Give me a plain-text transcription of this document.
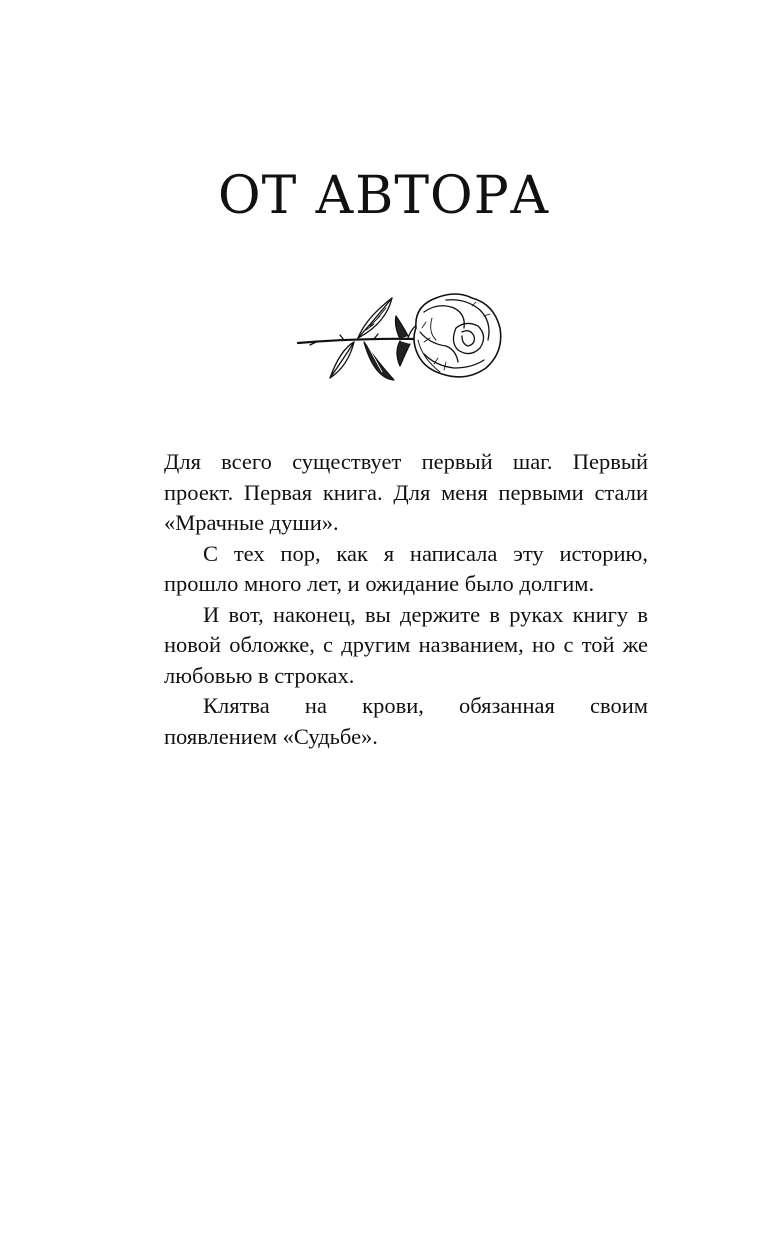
ОТ АВТОРА

Для всего существует первый шаг. Первый проект. Первая книга. Для меня первыми стали «Мрачные души».

С тех пор, как я написала эту историю, прошло много лет, и ожидание было долгим.

И вот, наконец, вы держите в руках книгу в новой обложке, с другим названием, но с той же любовью в строках.

Клятва на крови, обязанная своим появлением «Судьбе».
